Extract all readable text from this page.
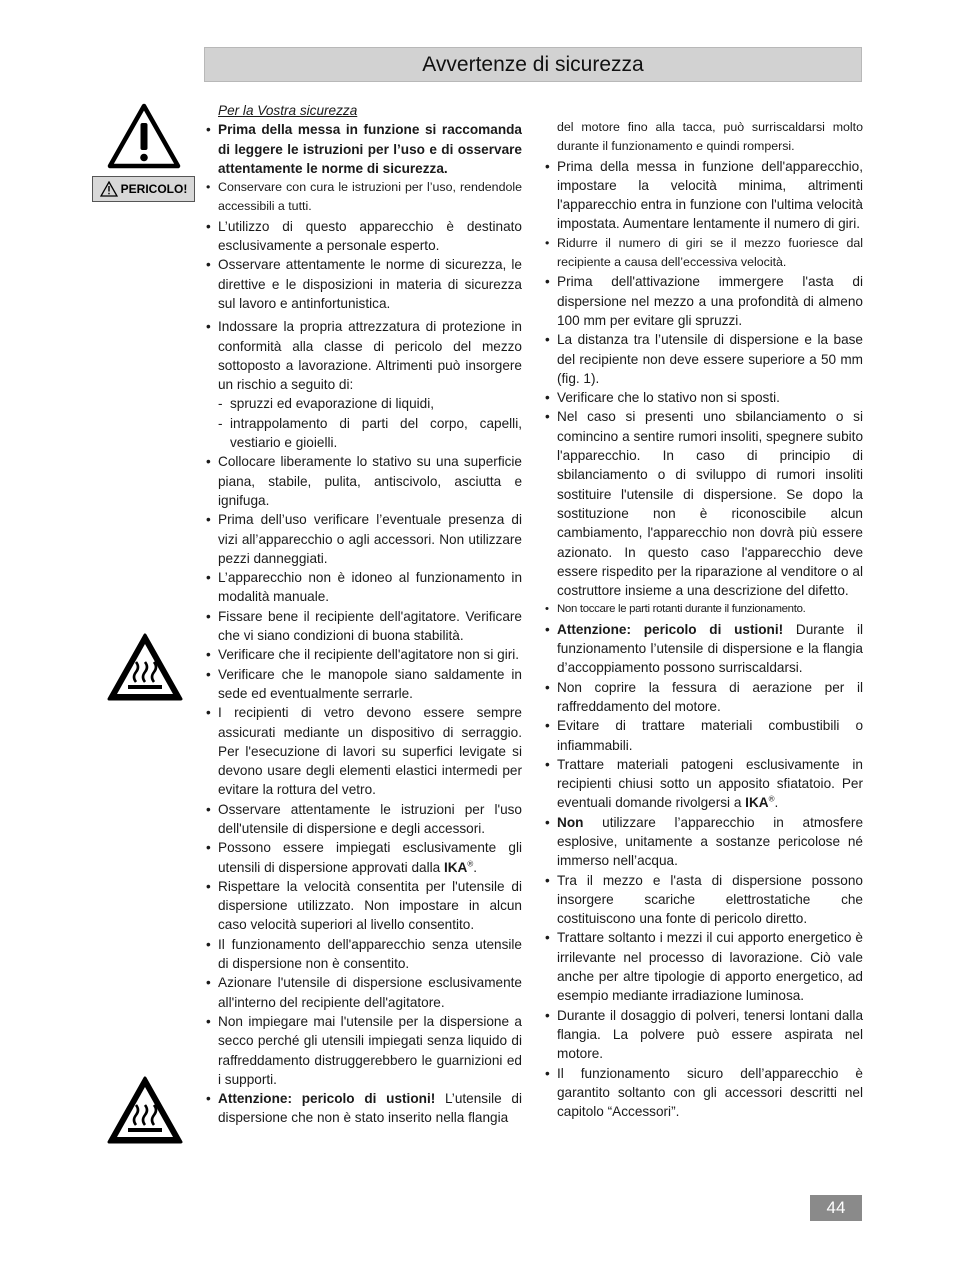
Avvertenze di sicurezza
PERICOLO!

Per la Vostra sicurezza

• Prima della messa in funzione si raccomanda di leggere le istruzioni per l’uso e di osservare attentamente le norme di sicurezza.

• Conservare con cura le istruzioni per l’uso, rendendole accessibili a tutti.

• L’utilizzo di questo apparecchio è destinato esclusivamente a personale esperto.

• Osservare attentamente le norme di sicurezza, le direttive e le disposizioni in materia di sicurezza sul lavoro e antinfortunistica.

• Indossare la propria attrezzatura di protezione in conformità alla classe di pericolo del mezzo sottoposto a lavorazione. Altrimenti può insorgere un rischio a seguito di:

- spruzzi ed evaporazione di liquidi,

- intrappolamento di parti del corpo, capelli, vestiario e gioielli.

• Collocare liberamente lo stativo su una superficie piana, stabile, pulita, antiscivolo, asciutta e ignifuga.

• Prima dell’uso verificare l’eventuale presenza di vizi all’apparecchio o agli accessori. Non utilizzare pezzi danneggiati.

• L’apparecchio non è idoneo al funzionamento in modalità manuale.

• Fissare bene il recipiente dell'agitatore. Verificare che vi siano condizioni di buona stabilità.

• Verificare che il recipiente dell'agitatore non si giri.

• Verificare che le manopole siano saldamente in sede ed eventualmente serrarle.

• I recipienti di vetro devono essere sempre assicurati mediante un dispositivo di serraggio. Per l'esecuzione di lavori su superfici levigate si devono usare degli elementi elastici intermedi per evitare la rottura del vetro.

• Osservare attentamente le istruzioni per l'uso dell'utensile di dispersione e degli accessori.

• Possono essere impiegati esclusivamente gli utensili di dispersione approvati dalla IKA®.

• Rispettare la velocità consentita per l'utensile di dispersione utilizzato. Non impostare in alcun caso velocità superiori al livello consentito.

• Il funzionamento dell'apparecchio senza utensile di dispersione non è consentito.

• Azionare l'utensile di dispersione esclusivamente all'interno del recipiente dell'agitatore.

• Non impiegare mai l'utensile per la dispersione a secco perché gli utensili impiegati senza liquido di raffreddamento distruggerebbero le guarnizioni ed i supporti.

• Attenzione: pericolo di ustioni! L’utensile di dispersione che non è stato inserito nella flangia

del motore fino alla tacca, può surriscaldarsi molto durante il funzionamento e quindi rompersi.

• Prima della messa in funzione dell'apparecchio, impostare la velocità minima, altrimenti l'apparecchio entra in funzione con l'ultima velocità impostata. Aumentare lentamente il numero di giri.

• Ridurre il numero di giri se il mezzo fuoriesce dal recipiente a causa dell’eccessiva velocità.

• Prima dell'attivazione immergere l'asta di dispersione nel mezzo a una profondità di almeno 100 mm per evitare gli spruzzi.

• La distanza tra l’utensile di dispersione e la base del recipiente non deve essere superiore a 50 mm (fig. 1).

• Verificare che lo stativo non si sposti.

• Nel caso si presenti uno sbilanciamento o si comincino a sentire rumori insoliti, spegnere subito l'apparecchio. In caso di principio di sbilanciamento o di sviluppo di rumori insoliti sostituire l'utensile di dispersione. Se dopo la sostituzione non è riconoscibile alcun cambiamento, l'apparecchio non dovrà più essere azionato. In questo caso l'apparecchio deve essere rispedito per la riparazione al venditore o al costruttore insieme a una descrizione del difetto.

• Non toccare le parti rotanti durante il funzionamento.

• Attenzione: pericolo di ustioni! Durante il funzionamento l’utensile di dispersione e la flangia d’accoppiamento possono surriscaldarsi.

• Non coprire la fessura di aerazione per il raffreddamento del motore.

• Evitare di trattare materiali combustibili o infiammabili.

• Trattare materiali patogeni esclusivamente in recipienti chiusi sotto un apposito sfiatatoio. Per eventuali domande rivolgersi a IKA®.

• Non utilizzare l’apparecchio in atmosfere esplosive, unitamente a sostanze pericolose né immerso nell’acqua.

• Tra il mezzo e l'asta di dispersione possono insorgere scariche elettrostatiche che costituiscono una fonte di pericolo diretto.

• Trattare soltanto i mezzi il cui apporto energetico è irrilevante nel processo di lavorazione. Ciò vale anche per altre tipologie di apporto energetico, ad esempio mediante irradiazione luminosa.

• Durante il dosaggio di polveri, tenersi lontani dalla flangia. La polvere può essere aspirata nel motore.

• Il funzionamento sicuro dell’apparecchio è garantito soltanto con gli accessori descritti nel capitolo “Accessori”.

44
